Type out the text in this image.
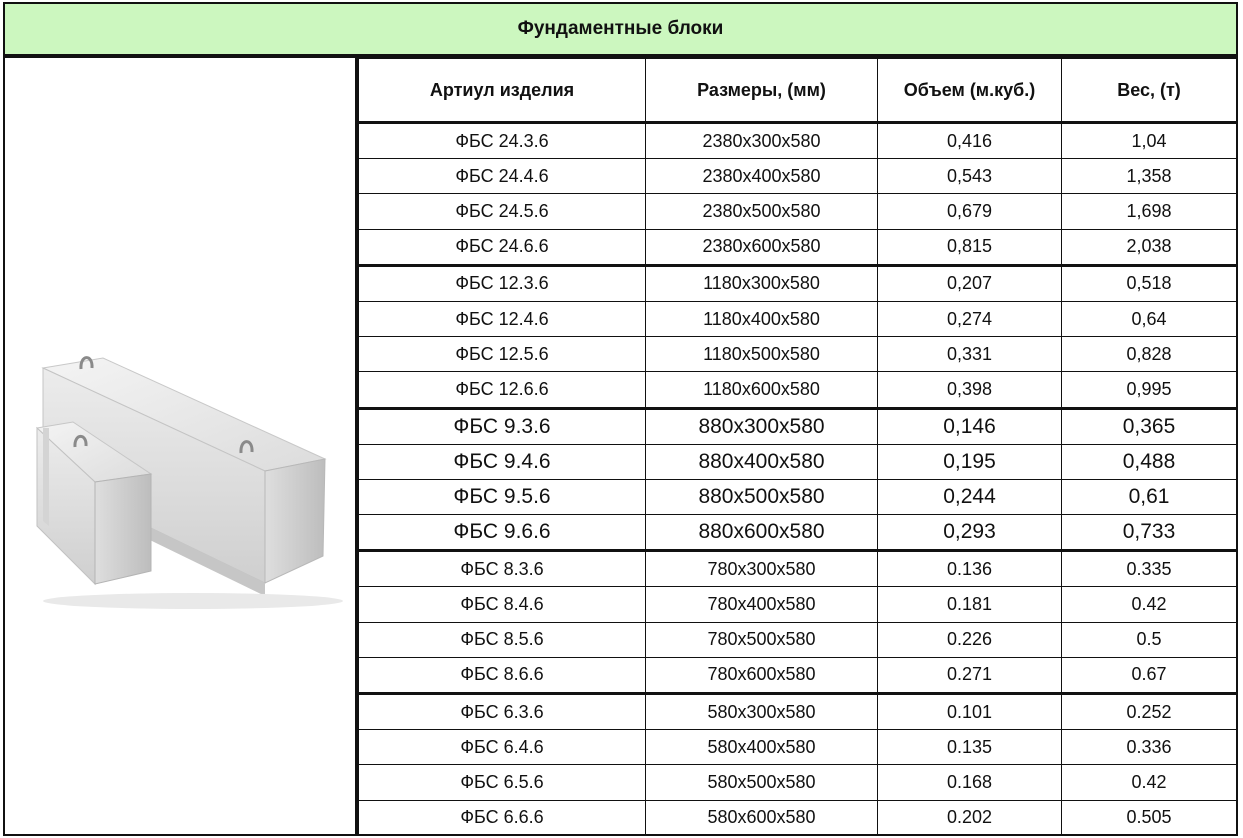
Фундаментные блоки
Артиул изделия	Размеры, (мм)	Объем (м.куб.)	Вес, (т)
ФБС 24.3.6	2380x300x580	0,416	1,04
ФБС 24.4.6	2380x400x580	0,543	1,358
ФБС 24.5.6	2380x500x580	0,679	1,698
ФБС 24.6.6	2380x600x580	0,815	2,038
ФБС 12.3.6	1180x300x580	0,207	0,518
ФБС 12.4.6	1180x400x580	0,274	0,64
ФБС 12.5.6	1180x500x580	0,331	0,828
ФБС 12.6.6	1180x600x580	0,398	0,995
ФБС 9.3.6	880x300x580	0,146	0,365
ФБС 9.4.6	880x400x580	0,195	0,488
ФБС 9.5.6	880x500x580	0,244	0,61
ФБС 9.6.6	880x600x580	0,293	0,733
ФБС 8.3.6	780x300x580	0.136	0.335
ФБС 8.4.6	780x400x580	0.181	0.42
ФБС 8.5.6	780x500x580	0.226	0.5
ФБС 8.6.6	780x600x580	0.271	0.67
ФБС 6.3.6	580x300x580	0.101	0.252
ФБС 6.4.6	580x400x580	0.135	0.336
ФБС 6.5.6	580x500x580	0.168	0.42
ФБС 6.6.6	580x600x580	0.202	0.505
